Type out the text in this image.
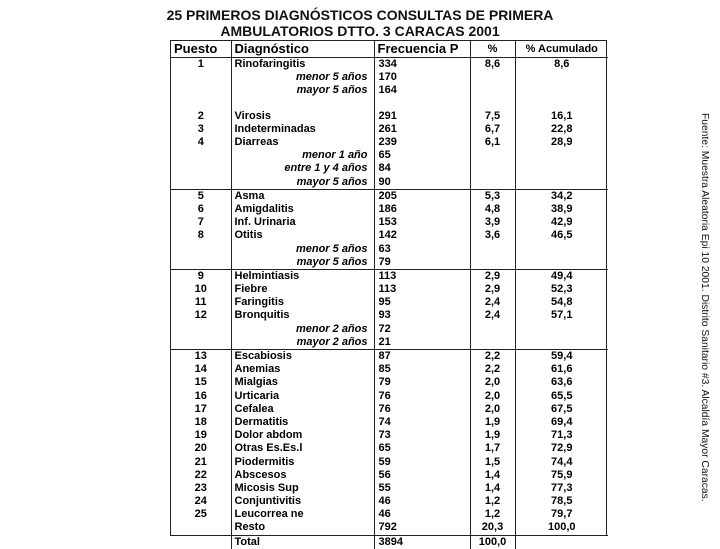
25 PRIMEROS DIAGNÓSTICOS CONSULTAS DE PRIMERA
AMBULATORIOS DTTO. 3 CARACAS 2001
Puesto	Diagnóstico	Frecuencia P	%	% Acumulado
1	Rinofaringitis	334	8,6	8,6
	menor 5 años	170		
	mayor 5 años	164		

2	Virosis	291	7,5	16,1
3	Indeterminadas	261	6,7	22,8
4	Diarreas	239	6,1	28,9
	menor 1 año	65		
	entre 1 y 4 años	84		
	mayor 5 años	90		
5	Asma	205	5,3	34,2
6	Amigdalitis	186	4,8	38,9
7	Inf. Urinaria	153	3,9	42,9
8	Otitis	142	3,6	46,5
	menor 5 años	63		
	mayor 5 años	79		
9	Helmintiasis	113	2,9	49,4
10	Fiebre	113	2,9	52,3
11	Faringitis	95	2,4	54,8
12	Bronquitis	93	2,4	57,1
	menor 2 años	72		
	mayor 2 años	21		
13	Escabiosis	87	2,2	59,4
14	Anemias	85	2,2	61,6
15	Mialgias	79	2,0	63,6
16	Urticaria	76	2,0	65,5
17	Cefalea	76	2,0	67,5
18	Dermatitis	74	1,9	69,4
19	Dolor abdom	73	1,9	71,3
20	Otras Es.Es.l	65	1,7	72,9
21	Piodermitis	59	1,5	74,4
22	Abscesos	56	1,4	75,9
23	Micosis Sup	55	1,4	77,3
24	Conjuntivitis	46	1,2	78,5
25	Leucorrea ne	46	1,2	79,7
	Resto	792	20,3	100,0
	Total	3894	100,0	
Fuente: Muestra Aleatoria Epi 10 2001. Distrito Sanitario #3. Alcaldía Mayor Caracas.
